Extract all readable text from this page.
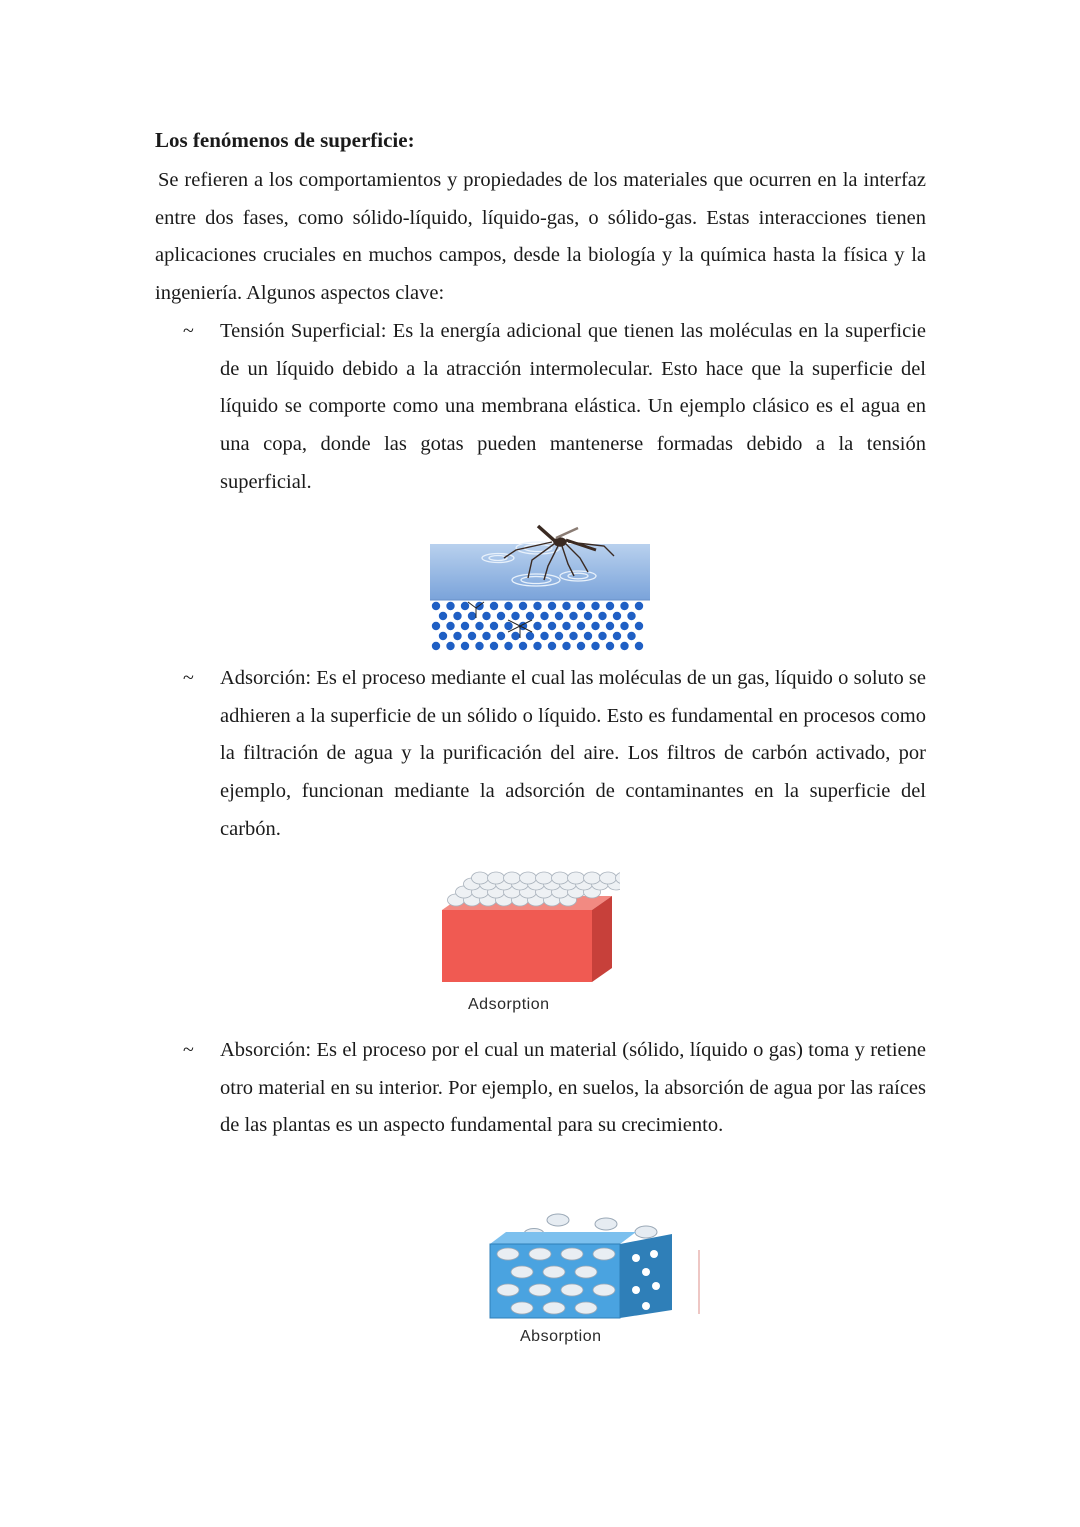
Los fenómenos de superficie:

Se refieren a los comportamientos y propiedades de los materiales que ocurren en la interfaz entre dos fases, como sólido-líquido, líquido-gas, o sólido-gas. Estas interacciones tienen aplicaciones cruciales en muchos campos, desde la biología y la química hasta la física y la ingeniería. Algunos aspectos clave:

~ Tensión Superficial: Es la energía adicional que tienen las moléculas en la superficie de un líquido debido a la atracción intermolecular. Esto hace que la superficie del líquido se comporte como una membrana elástica. Un ejemplo clásico es el agua en una copa, donde las gotas pueden mantenerse formadas debido a la tensión superficial.

~ Adsorción: Es el proceso mediante el cual las moléculas de un gas, líquido o soluto se adhieren a la superficie de un sólido o líquido. Esto es fundamental en procesos como la filtración de agua y la purificación del aire. Los filtros de carbón activado, por ejemplo, funcionan mediante la adsorción de contaminantes en la superficie del carbón.

Adsorption
~ Absorción: Es el proceso por el cual un material (sólido, líquido o gas) toma y retiene otro material en su interior. Por ejemplo, en suelos, la absorción de agua por las raíces de las plantas es un aspecto fundamental para su crecimiento.

Absorption
